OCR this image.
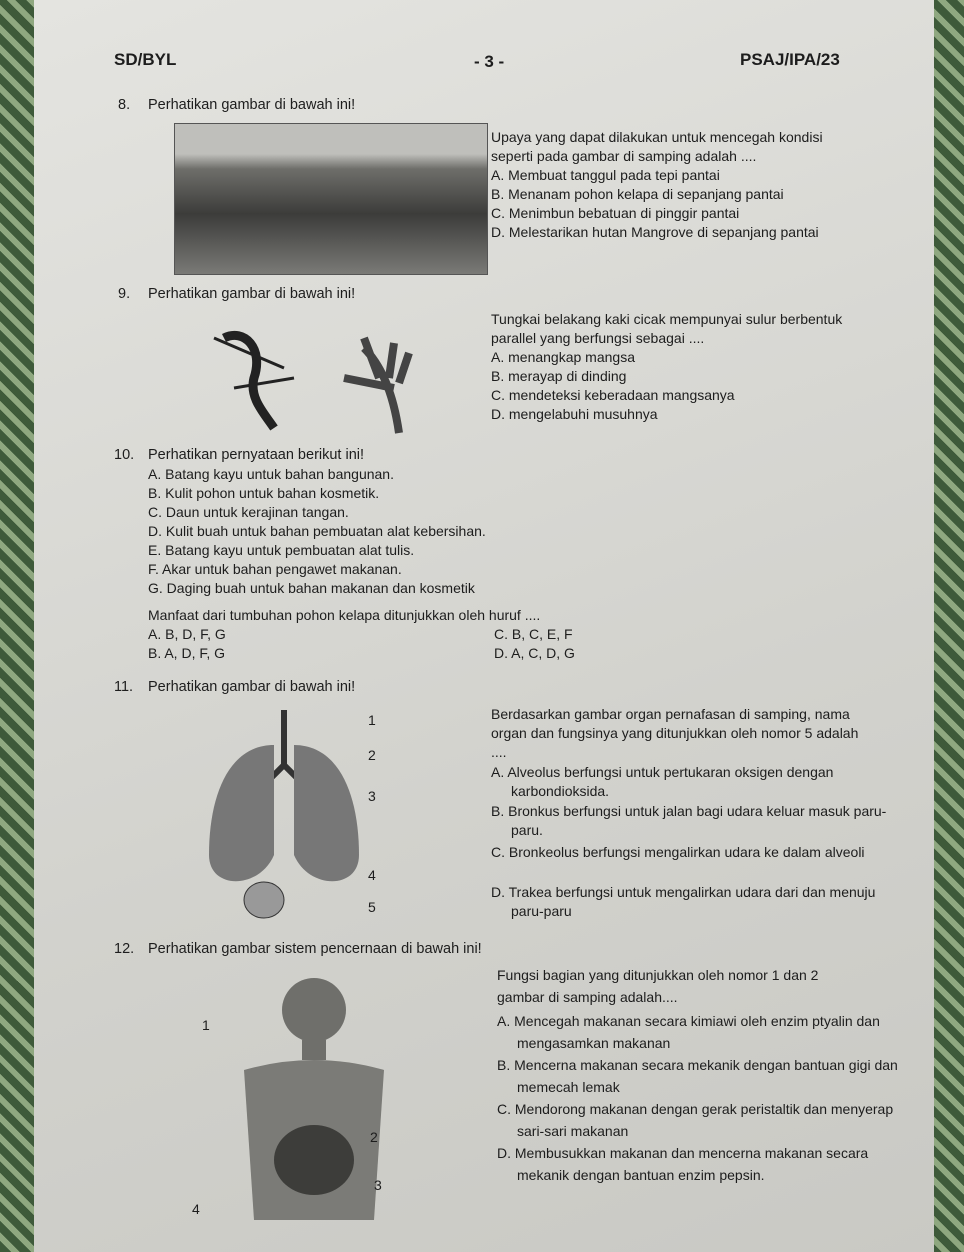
SD/BYL	- 3 -	PSAJ/IPA/23
8. Perhatikan gambar di bawah ini!
Upaya yang dapat dilakukan untuk mencegah kondisi
seperti pada gambar di samping adalah ....
A. Membuat tanggul pada tepi pantai
B. Menanam pohon kelapa di sepanjang pantai
C. Menimbun bebatuan di pinggir pantai
D. Melestarikan hutan Mangrove di sepanjang pantai
9. Perhatikan gambar di bawah ini!
Tungkai belakang kaki cicak mempunyai sulur berbentuk
parallel yang berfungsi sebagai ....
A. menangkap mangsa
B. merayap di dinding
C. mendeteksi keberadaan mangsanya
D. mengelabuhi musuhnya
10. Perhatikan pernyataan berikut ini!
A. Batang kayu untuk bahan bangunan.
B. Kulit pohon untuk bahan kosmetik.
C. Daun untuk kerajinan tangan.
D. Kulit buah untuk bahan pembuatan alat kebersihan.
E. Batang kayu untuk pembuatan alat tulis.
F. Akar untuk bahan pengawet makanan.
G. Daging buah untuk bahan makanan dan kosmetik
Manfaat dari tumbuhan pohon kelapa ditunjukkan oleh huruf ....
A. B, D, F, G	C. B, C, E, F
B. A, D, F, G	D. A, C, D, G
11. Perhatikan gambar di bawah ini!
1
2
3
4
5
Berdasarkan gambar organ pernafasan di samping, nama
organ dan fungsinya yang ditunjukkan oleh nomor 5 adalah
....
A. Alveolus berfungsi untuk pertukaran oksigen dengan karbondioksida.
B. Bronkus berfungsi untuk jalan bagi udara keluar masuk paru-paru.
C. Bronkeolus berfungsi mengalirkan udara ke dalam alveoli
D. Trakea berfungsi untuk mengalirkan udara dari dan menuju paru-paru
12. Perhatikan gambar sistem pencernaan di bawah ini!
1
2
3
4
Fungsi bagian yang ditunjukkan oleh nomor 1 dan 2
gambar di samping adalah....
A. Mencegah makanan secara kimiawi oleh enzim ptyalin dan mengasamkan makanan
B. Mencerna makanan secara mekanik dengan bantuan gigi dan memecah lemak
C. Mendorong makanan dengan gerak peristaltik dan menyerap sari-sari makanan
D. Membusukkan makanan dan mencerna makanan secara mekanik dengan bantuan enzim pepsin.
